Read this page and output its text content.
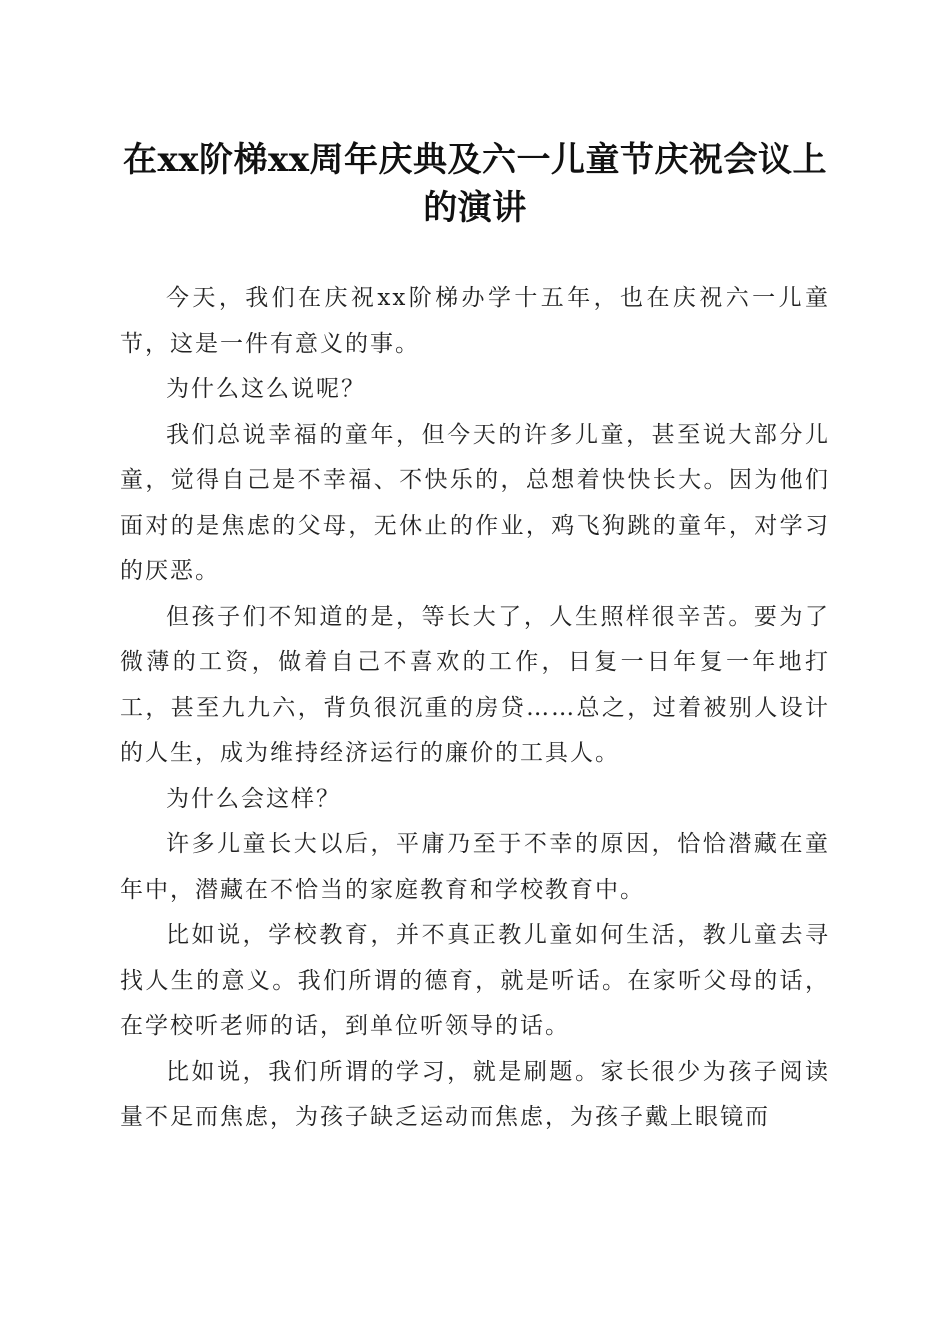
在xx阶梯xx周年庆典及六一儿童节庆祝会议上的演讲

今天，我们在庆祝xx阶梯办学十五年，也在庆祝六一儿童节，这是一件有意义的事。

为什么这么说呢？

我们总说幸福的童年，但今天的许多儿童，甚至说大部分儿童，觉得自己是不幸福、不快乐的，总想着快快长大。因为他们面对的是焦虑的父母，无休止的作业，鸡飞狗跳的童年，对学习的厌恶。

但孩子们不知道的是，等长大了，人生照样很辛苦。要为了微薄的工资，做着自己不喜欢的工作，日复一日年复一年地打工，甚至九九六，背负很沉重的房贷……总之，过着被别人设计的人生，成为维持经济运行的廉价的工具人。

为什么会这样？

许多儿童长大以后，平庸乃至于不幸的原因，恰恰潜藏在童年中，潜藏在不恰当的家庭教育和学校教育中。

比如说，学校教育，并不真正教儿童如何生活，教儿童去寻找人生的意义。我们所谓的德育，就是听话。在家听父母的话，在学校听老师的话，到单位听领导的话。

比如说，我们所谓的学习，就是刷题。家长很少为孩子阅读量不足而焦虑，为孩子缺乏运动而焦虑，为孩子戴上眼镜而
